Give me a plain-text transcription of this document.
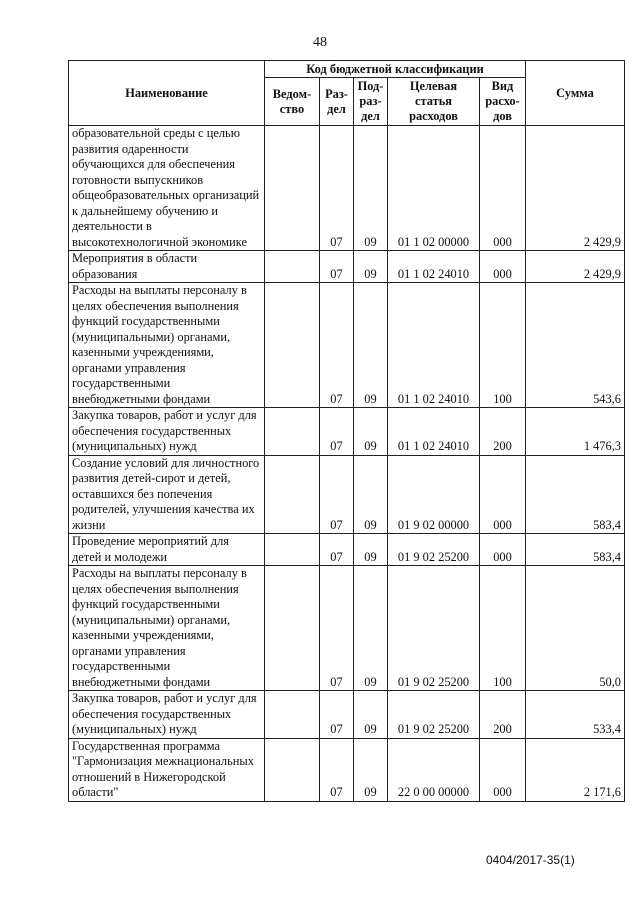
48
Наименование	Код бюджетной классификации					Сумма
	Ведом-ство	Раз-дел	Под-раз-дел	Целевая статья расходов	Вид расхо-дов	
образовательной среды с целью развития одаренности обучающихся для обеспечения готовности выпускников общеобразовательных организаций к дальнейшему обучению и деятельности в высокотехнологичной экономике		07	09	01 1 02 00000	000	2 429,9
Мероприятия в области образования		07	09	01 1 02 24010	000	2 429,9
Расходы на выплаты персоналу в целях обеспечения выполнения функций государственными (муниципальными) органами, казенными учреждениями, органами управления государственными внебюджетными фондами		07	09	01 1 02 24010	100	543,6
Закупка товаров, работ и услуг для обеспечения государственных (муниципальных) нужд		07	09	01 1 02 24010	200	1 476,3
Создание условий для личностного развития детей-сирот и детей, оставшихся без попечения родителей, улучшения качества их жизни		07	09	01 9 02 00000	000	583,4
Проведение мероприятий для детей и молодежи		07	09	01 9 02 25200	000	583,4
Расходы на выплаты персоналу в целях обеспечения выполнения функций государственными (муниципальными) органами, казенными учреждениями, органами управления государственными внебюджетными фондами		07	09	01 9 02 25200	100	50,0
Закупка товаров, работ и услуг для обеспечения государственных (муниципальных) нужд		07	09	01 9 02 25200	200	533,4
Государственная программа "Гармонизация межнациональных отношений в Нижегородской области"		07	09	22 0 00 00000	000	2 171,6
0404/2017-35(1)
